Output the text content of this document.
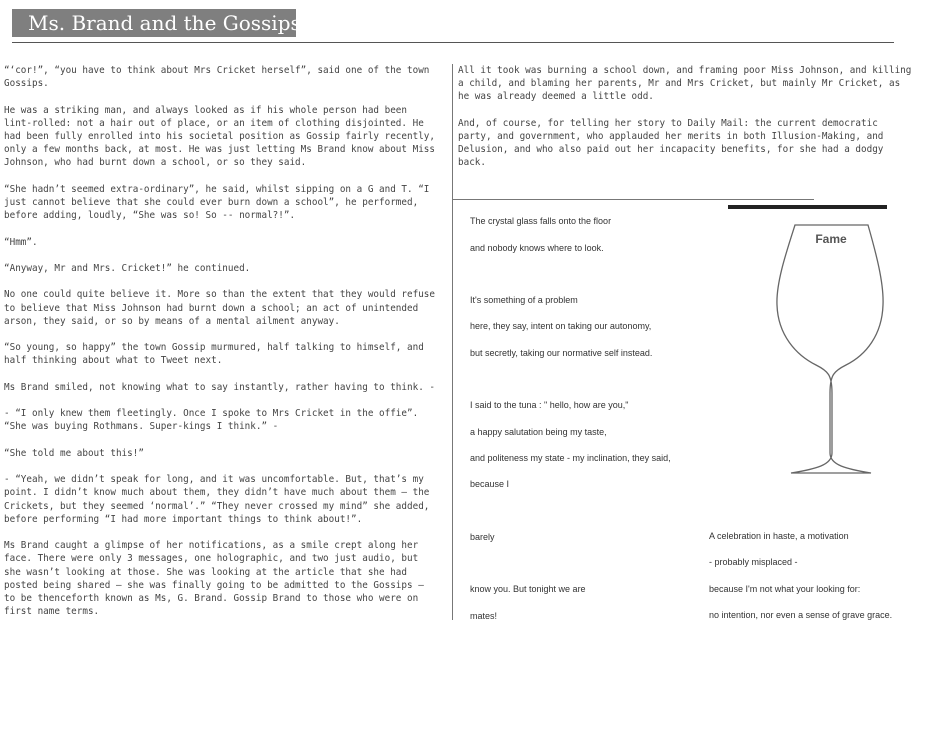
Ms. Brand and the Gossips

“‘cor!”, “you have to think about Mrs Cricket herself”, said one of the town
Gossips.

He was a striking man, and always looked as if his whole person had been
lint-rolled: not a hair out of place, or an item of clothing disjointed. He
had been fully enrolled into his societal position as Gossip fairly recently,
only a few months back, at most. He was just letting Ms Brand know about Miss
Johnson, who had burnt down a school, or so they said.

“She hadn’t seemed extra-ordinary”, he said, whilst sipping on a G and T. “I
just cannot believe that she could ever burn down a school”, he performed,
before adding, loudly, “She was so! So -- normal?!”.

“Hmm”.

“Anyway, Mr and Mrs. Cricket!” he continued.

No one could quite believe it. More so than the extent that they would refuse
to believe that Miss Johnson had burnt down a school; an act of unintended
arson, they said, or so by means of a mental ailment anyway.

“So young, so happy” the town Gossip murmured, half talking to himself, and
half thinking about what to Tweet next.

Ms Brand smiled, not knowing what to say instantly, rather having to think. -

- “I only knew them fleetingly. Once I spoke to Mrs Cricket in the offie”.
“She was buying Rothmans. Super-kings I think.” -

“She told me about this!”

- “Yeah, we didn’t speak for long, and it was uncomfortable. But, that’s my
point. I didn’t know much about them, they didn’t have much about them — the
Crickets, but they seemed ‘normal’.” “They never crossed my mind” she added,
before performing “I had more important things to think about!”.

Ms Brand caught a glimpse of her notifications, as a smile crept along her
face. There were only 3 messages, one holographic, and two just audio, but
she wasn’t looking at those. She was looking at the article that she had
posted being shared — she was finally going to be admitted to the Gossips —
to be thenceforth known as Ms, G. Brand. Gossip Brand to those who were on
first name terms.

All it took was burning a school down, and framing poor Miss Johnson, and killing
a child, and blaming her parents, Mr and Mrs Cricket, but mainly Mr Cricket, as
he was already deemed a little odd.

And, of course, for telling her story to Daily Mail: the current democratic
party, and government, who applauded her merits in both Illusion-Making, and
Delusion, and who also paid out her incapacity benefits, for she had a dodgy
back.

The crystal glass falls onto the floor
and nobody knows where to look.
It's something of a problem
here, they say, intent on taking our autonomy,
but secretly, taking our normative self instead.
I said to the tuna : " hello, how are you,"
a happy salutation being my taste,
and politeness my state - my inclination, they said,
because I
barely
know you. But tonight we are
mates!
A celebration in haste, a motivation
- probably misplaced -
because I'm not what your looking for:
no intention, nor even a sense of grave grace.
Fame
